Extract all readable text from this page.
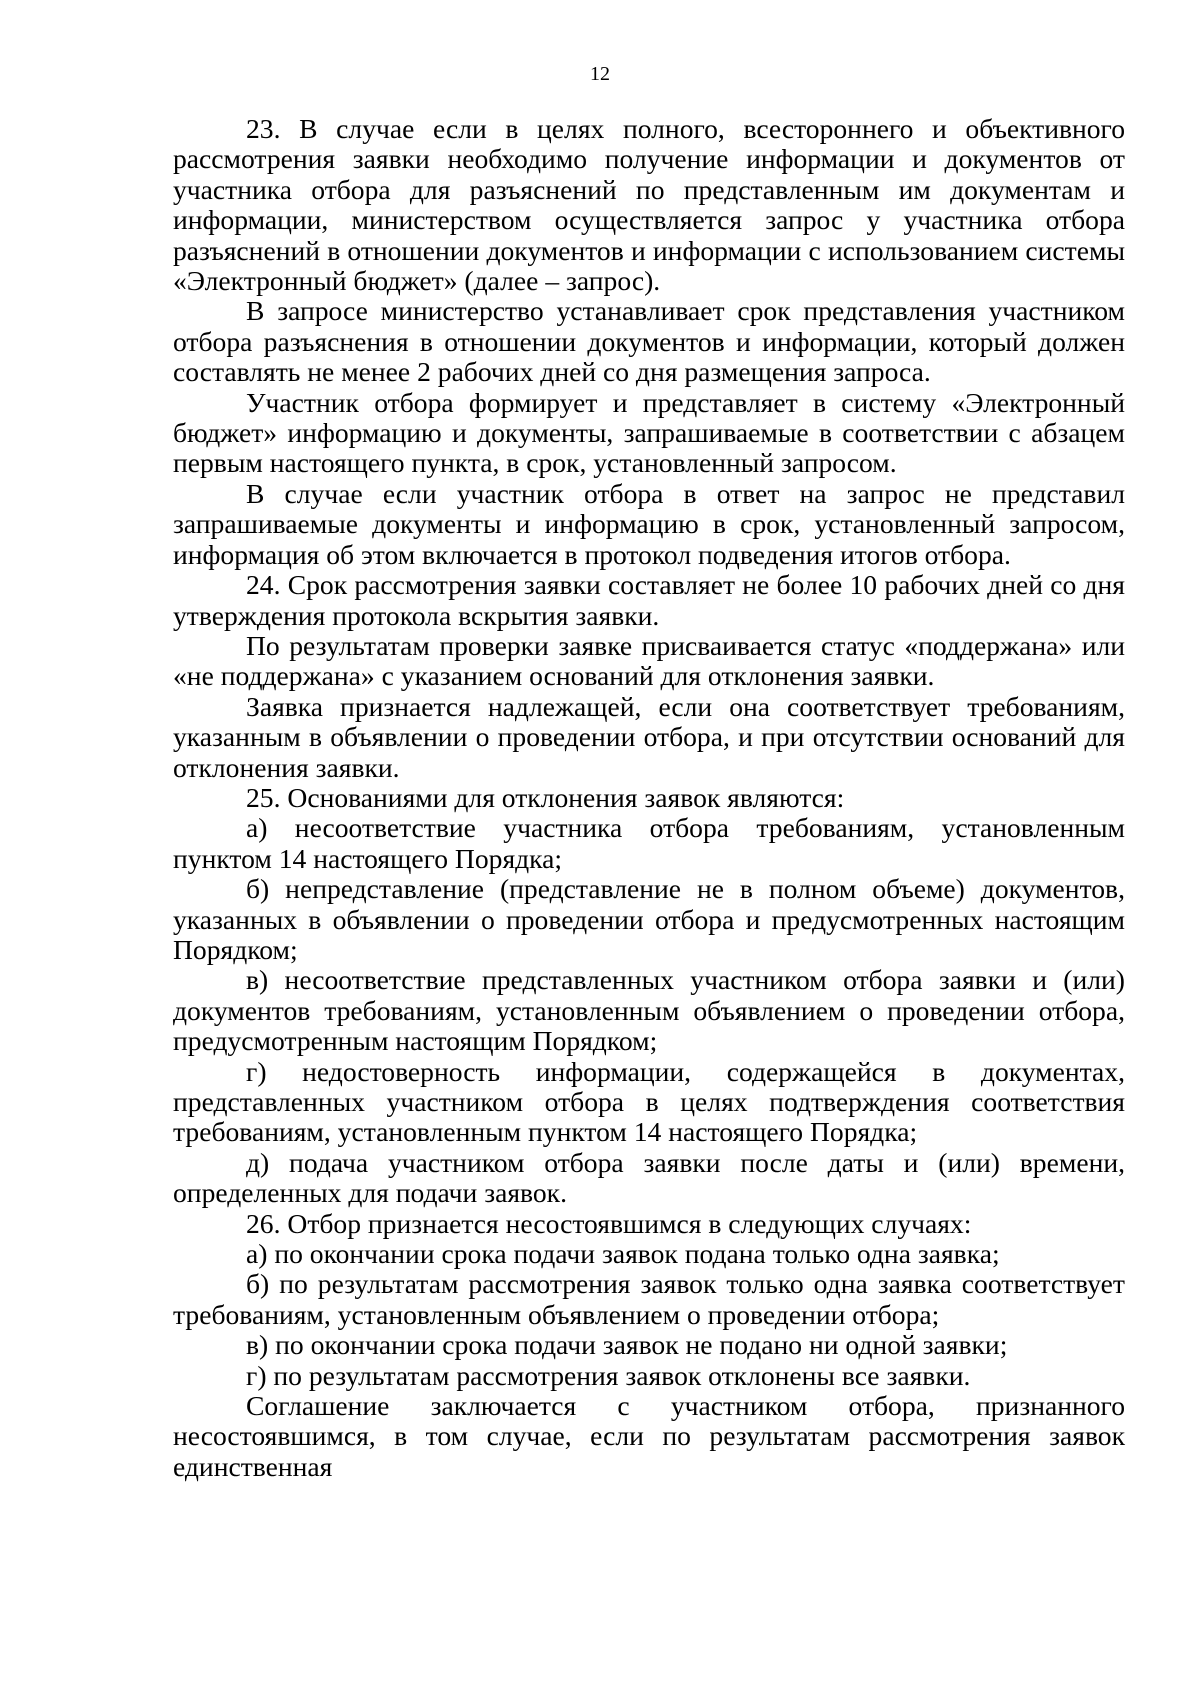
12

23. В случае если в целях полного, всестороннего и объективного рассмотрения заявки необходимо получение информации и документов от участника отбора для разъяснений по представленным им документам и информации, министерством осуществляется запрос у участника отбора разъяснений в отношении документов и информации с использованием системы «Электронный бюджет» (далее – запрос).

В запросе министерство устанавливает срок представления участником отбора разъяснения в отношении документов и информации, который должен составлять не менее 2 рабочих дней со дня размещения запроса.

Участник отбора формирует и представляет в систему «Электронный бюджет» информацию и документы, запрашиваемые в соответствии с абзацем первым настоящего пункта, в срок, установленный запросом.

В случае если участник отбора в ответ на запрос не представил запрашиваемые документы и информацию в срок, установленный запросом, информация об этом включается в протокол подведения итогов отбора.

24. Срок рассмотрения заявки составляет не более 10 рабочих дней со дня утверждения протокола вскрытия заявки.

По результатам проверки заявке присваивается статус «поддержана» или «не поддержана» с указанием оснований для отклонения заявки.

Заявка признается надлежащей, если она соответствует требованиям, указанным в объявлении о проведении отбора, и при отсутствии оснований для отклонения заявки.

25. Основаниями для отклонения заявок являются:

а) несоответствие участника отбора требованиям, установленным пунктом 14 настоящего Порядка;

б) непредставление (представление не в полном объеме) документов, указанных в объявлении о проведении отбора и предусмотренных настоящим Порядком;

в) несоответствие представленных участником отбора заявки и (или) документов требованиям, установленным объявлением о проведении отбора, предусмотренным настоящим Порядком;

г) недостоверность информации, содержащейся в документах, представленных участником отбора в целях подтверждения соответствия требованиям, установленным пунктом 14 настоящего Порядка;

д) подача участником отбора заявки после даты и (или) времени, определенных для подачи заявок.

26. Отбор признается несостоявшимся в следующих случаях:

а) по окончании срока подачи заявок подана только одна заявка;

б) по результатам рассмотрения заявок только одна заявка соответствует требованиям, установленным объявлением о проведении отбора;

в) по окончании срока подачи заявок не подано ни одной заявки;

г) по результатам рассмотрения заявок отклонены все заявки.

Соглашение заключается с участником отбора, признанного несостоявшимся, в том случае, если по результатам рассмотрения заявок единственная
